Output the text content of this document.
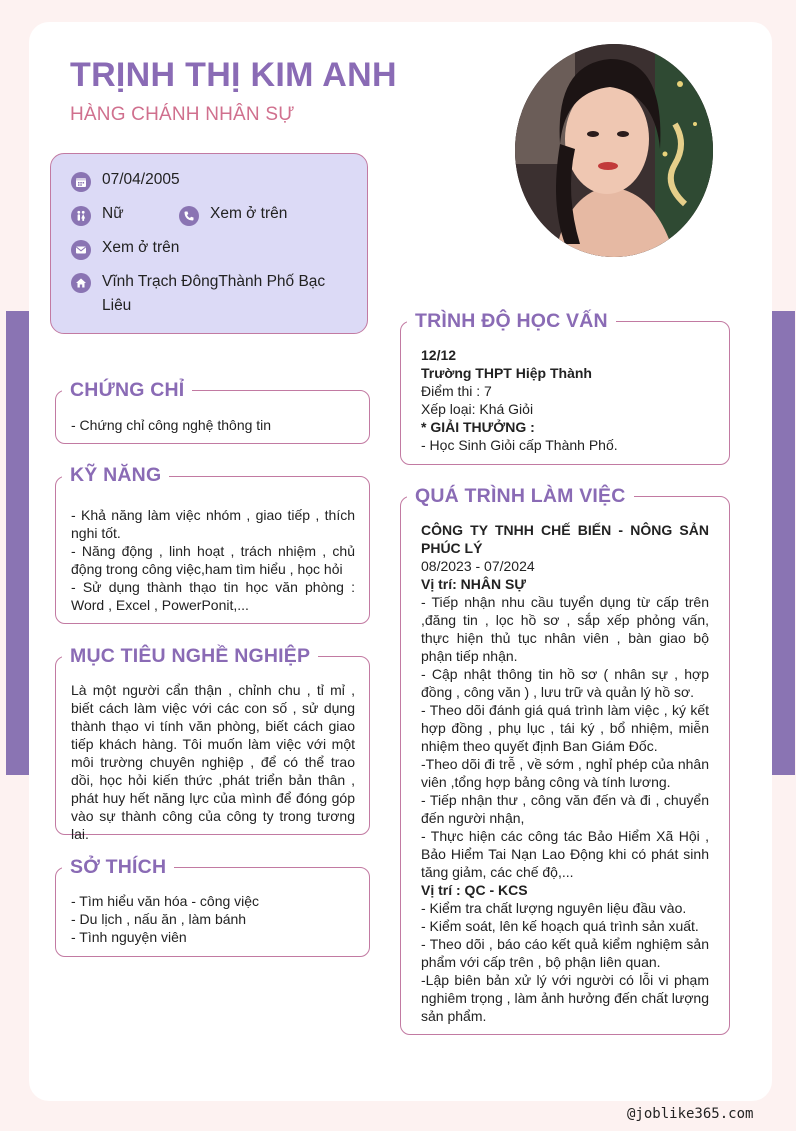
TRỊNH THỊ KIM ANH
HÀNG CHÁNH NHÂN SỰ
07/04/2005
Nữ	Xem ở trên
Xem ở trên
Vĩnh Trạch ĐôngThành Phố Bạc Liêu
CHỨNG CHỈ
- Chứng chỉ công nghệ thông tin
KỸ NĂNG
- Khả năng làm việc nhóm , giao tiếp , thích nghi tốt.
- Năng động , linh hoạt , trách nhiệm , chủ động trong công việc,ham tìm hiểu , học hỏi
- Sử dụng thành thạo tin học văn phòng : Word , Excel , PowerPonit,...
MỤC TIÊU NGHỀ NGHIỆP
Là một người cẩn thận , chỉnh chu , tỉ mỉ , biết cách làm việc với các con số , sử dụng thành thạo vi tính văn phòng, biết cách giao tiếp khách hàng. Tôi muốn làm việc với một môi trường chuyên nghiệp , để có thể trao dồi, học hỏi kiến thức ,phát triển bản thân , phát huy hết năng lực của mình để đóng góp vào sự thành công của công ty trong tương lai.
SỞ THÍCH
- Tìm hiểu văn hóa - công việc
- Du lịch , nấu ăn , làm bánh
- Tình nguyện viên
TRÌNH ĐỘ HỌC VẤN
12/12
Trường THPT Hiệp Thành
Điểm thi : 7
Xếp loại: Khá Giỏi
* GIẢI THƯỞNG :
- Học Sinh Giỏi cấp Thành Phố.
QUÁ TRÌNH LÀM VIỆC
CÔNG TY TNHH CHẾ BIẾN - NÔNG SẢN PHÚC LÝ
08/2023 - 07/2024
Vị trí: NHÂN SỰ
- Tiếp nhận nhu cầu tuyển dụng từ cấp trên ,đăng tin , lọc hồ sơ , sắp xếp phỏng vấn, thực hiện thủ tục nhân viên , bàn giao bộ phận tiếp nhận.
- Cập nhật thông tin hồ sơ ( nhân sự , hợp đồng , công văn ) , lưu trữ và quản lý hồ sơ.
- Theo dõi đánh giá quá trình làm việc , ký kết hợp đồng , phụ lục , tái ký , bổ nhiệm, miễn nhiệm theo quyết định Ban Giám Đốc.
-Theo dõi đi trễ , về sớm , nghỉ phép của nhân viên ,tổng hợp bảng công và tính lương.
- Tiếp nhận thư , công văn đến và đi , chuyển đến người nhận,
- Thực hiện các công tác Bảo Hiểm Xã Hội , Bảo Hiểm Tai Nạn Lao Động khi có phát sinh tăng giảm, các chế độ,...
Vị trí : QC - KCS
- Kiểm tra chất lượng nguyên liệu đầu vào.
- Kiểm soát, lên kế hoạch quá trình sản xuất.
- Theo dõi , báo cáo kết quả kiểm nghiệm sản phẩm với cấp trên , bộ phận liên quan.
-Lập biên bản xử lý với người có lỗi vi phạm nghiêm trọng , làm ảnh hưởng đến chất lượng sản phẩm.
@joblike365.com
